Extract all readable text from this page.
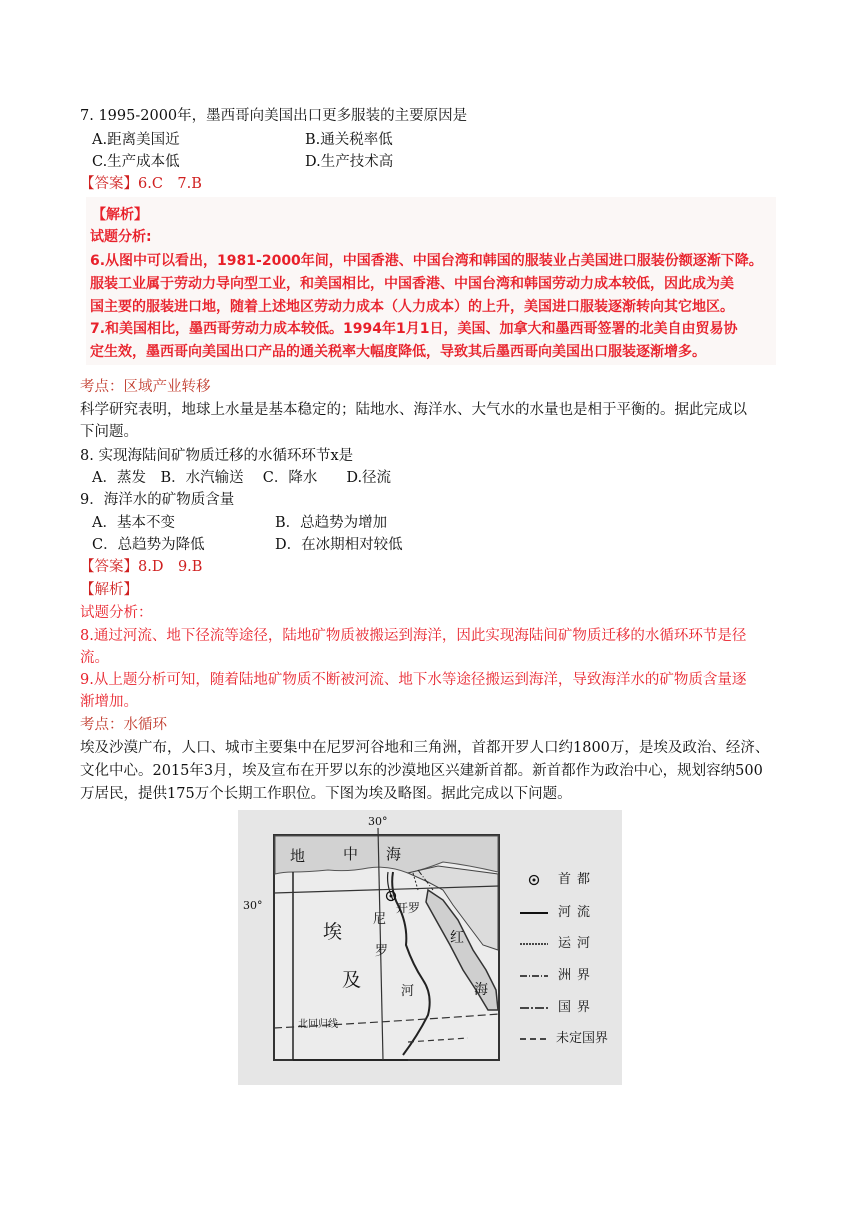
7. 1995-2000年，墨西哥向美国出口更多服装的主要原因是
A.距离美国近	B.通关税率低
C.生产成本低	D.生产技术高
【答案】6.C　7.B
【解析】
试题分析:
6.从图中可以看出，1981-2000年间，中国香港、中国台湾和韩国的服装业占美国进口服装份额逐渐下降。
服装工业属于劳动力导向型工业，和美国相比，中国香港、中国台湾和韩国劳动力成本较低，因此成为美
国主要的服装进口地，随着上述地区劳动力成本（人力成本）的上升，美国进口服装逐渐转向其它地区。
7.和美国相比，墨西哥劳动力成本较低。1994年1月1日，美国、加拿大和墨西哥签署的北美自由贸易协
定生效，墨西哥向美国出口产品的通关税率大幅度降低，导致其后墨西哥向美国出口服装逐渐增多。
考点：区域产业转移
科学研究表明，地球上水量是基本稳定的；陆地水、海洋水、大气水的水量也是相于平衡的。据此完成以
下问题。
8. 实现海陆间矿物质迁移的水循环环节x是
A．蒸发　B．水汽输送　 C．降水　　D.径流
9．海洋水的矿物质含量
A．基本不变	B．总趋势为增加
C．总趋势为降低	D．在冰期相对较低
【答案】8.D　9.B
【解析】
试题分析：
8.通过河流、地下径流等途径，陆地矿物质被搬运到海洋，因此实现海陆间矿物质迁移的水循环环节是径
流。
9.从上题分析可知，随着陆地矿物质不断被河流、地下水等途径搬运到海洋，导致海洋水的矿物质含量逐
渐增加。
考点：水循环
埃及沙漠广布，人口、城市主要集中在尼罗河谷地和三角洲，首都开罗人口约1800万，是埃及政治、经济、
文化中心。2015年3月，埃及宣布在开罗以东的沙漠地区兴建新首都。新首都作为政治中心，规划容纳500
万居民，提供175万个长期工作职位。下图为埃及略图。据此完成以下问题。
30°
30°
地	中 海
埃
及
尼
罗
河
红
海
开罗
北回归线
首都
河流
运河
洲界
国界
未定国界
